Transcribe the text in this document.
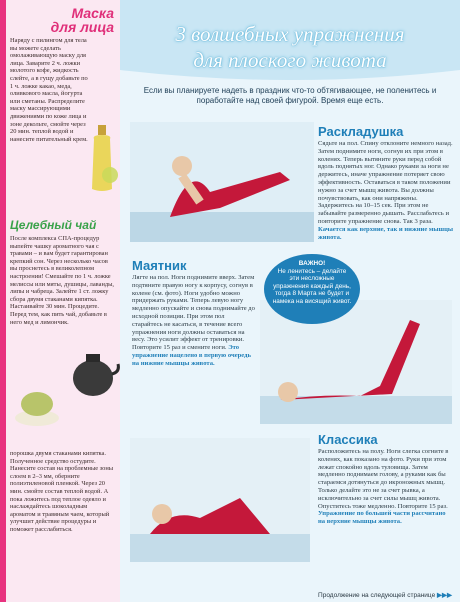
Маска
для лица
Наряду с пилингом для тела вы можете сделать омолаживающую маску для лица. Заварите 2 ч. ложки молотого кофе, жидкость слейте, а в гущу добавьте по 1 ч. ложке какао, меда, оливкового масла, йогурта или сметаны. Распределите маску массирующими движениями по коже лица и зоне декольте, смойте через 20 мин. теплой водой и нанесите питательный крем.
Целебный чай
После комплекса СПА-процедур выпейте чашку ароматного чая с травами – и вам будет гарантирован крепкий сон. Через несколько часов вы проснетесь в великолепном настроении! Смешайте по 1 ч. ложке мелиссы или мяты, душицы, лаванды, липы и чабреца. Залейте 1 ст. ложку сбора двумя стаканами кипятка. Настаивайте 30 мин. Процедите. Перед тем, как пить чай, добавьте в него мед и лимончик.
порошка двумя стаканами кипятка. Полученное средство остудите. Нанесите состав на проблемные зоны слоем в 2–3 мм, оберните полиэтиленовой пленкой. Через 20 мин. смойте состав теплой водой. А пока ложитесь под теплое одеяло и наслаждайтесь шоколадным ароматом и травяным чаем, который улучшит действие процедуры и поможет расслабиться.
3 волшебных упражнения
для плоского живота
Если вы планируете надеть в праздник что-то обтягивающее, не поленитесь и поработайте над своей фигурой. Время еще есть.
Раскладушка
Сядьте на пол. Спину отклоните немного назад. Затем поднимите ноги, согнув их при этом в коленях. Теперь вытяните руки перед собой вдоль поднятых ног. Однако руками за ноги не держитесь, иначе упражнение потеряет свою эффективность. Оставаться в таком положении нужно за счет мышц живота. Вы должны почувствовать, как они напряжены. Задержитесь на 10–15 сек. При этом не забывайте размеренно дышать. Расслабьтесь и повторите упражнение снова. Так 3 раза. Качается как верхние, так и нижние мышцы живота.
Маятник
Лягте на пол. Ноги поднимите вверх. Затем подтяните правую ногу к корпусу, согнув в колене (см. фото). Ноги удобно можно придержать руками. Теперь левую ногу медленно опускайте и снова поднимайте до исходной позиции. При этом пол старайтесь не касаться, в течение всего упражнения ноги должны оставаться на весу. Это усилит эффект от тренировки. Повторите 15 раз и смените ноги. Это упражнение нацелено в первую очередь на нижние мышцы живота.
ВАЖНО!
Не ленитесь – делайте эти несложные упражнения каждый день, тогда 8 Марта не будет и намека на висящий живот.
Классика
Расположитесь на полу. Ноги слегка согните в коленях, как показано на фото. Руки при этом лежат спокойно вдоль туловища. Затем медленно поднимаем голову, а руками как бы стараемся дотянуться до икроножных мышц. Только делайте это не за счет рывка, а исключительно за счет силы мышц живота. Опуститесь тоже медленно. Повторите 15 раз. Упражнение по большей части рассчитано на верхние мышцы живота.
Продолжение на следующей странице ▶▶▶
